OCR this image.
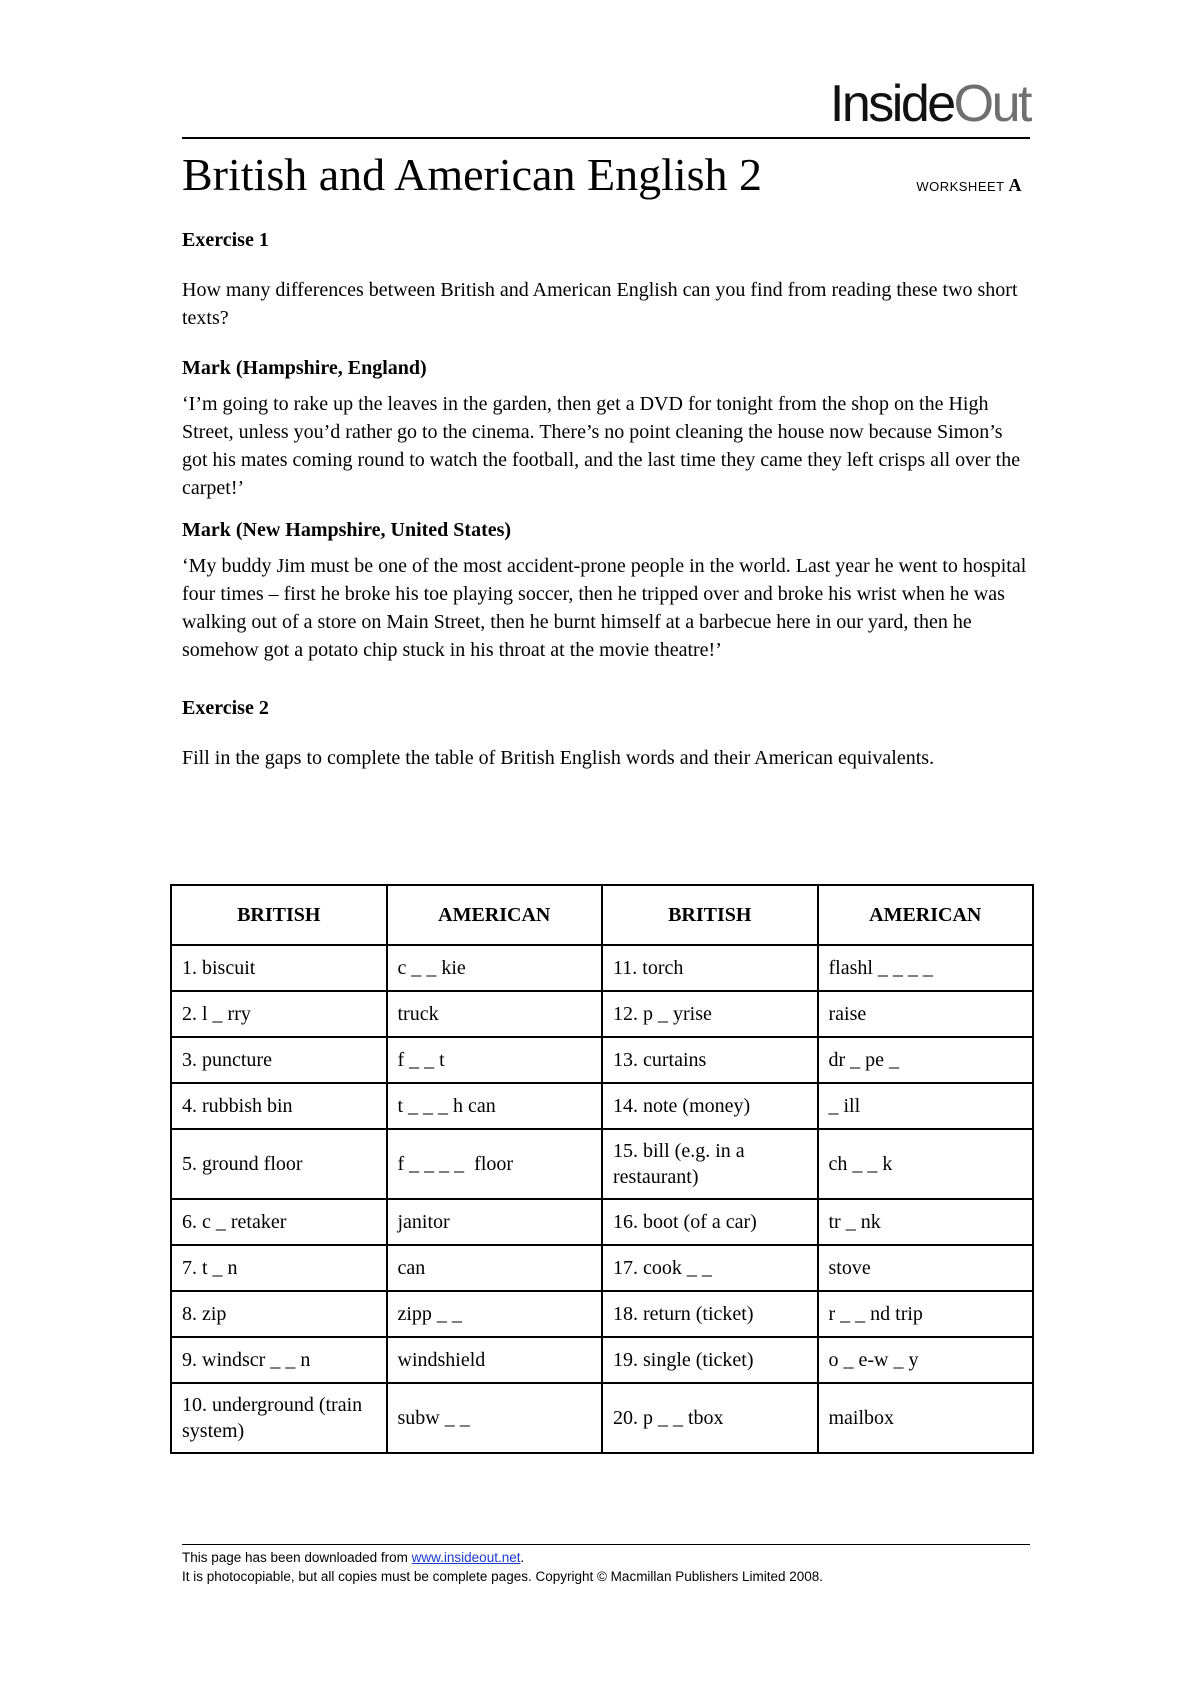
InsideOut
British and American English 2	WORKSHEET A
Exercise 1

How many differences between British and American English can you find from reading these two short texts?

Mark (Hampshire, England)

‘I’m going to rake up the leaves in the garden, then get a DVD for tonight from the shop on the High Street, unless you’d rather go to the cinema. There’s no point cleaning the house now because Simon’s got his mates coming round to watch the football, and the last time they came they left crisps all over the carpet!’

Mark (New Hampshire, United States)

‘My buddy Jim must be one of the most accident-prone people in the world. Last year he went to hospital four times – first he broke his toe playing soccer, then he tripped over and broke his wrist when he was walking out of a store on Main Street, then he burnt himself at a barbecue here in our yard, then he somehow got a potato chip stuck in his throat at the movie theatre!’

Exercise 2

Fill in the gaps to complete the table of British English words and their American equivalents.

BRITISH	AMERICAN	BRITISH	AMERICAN
1. biscuit	c _ _ kie	11. torch	flashl _ _ _ _
2. l _ rry	truck	12. p _ yrise	raise
3. puncture	f _ _ t	13. curtains	dr _ pe _
4. rubbish bin	t _ _ _ h can	14. note (money)	_ ill
5. ground floor	f _ _ _ _  floor	15. bill (e.g. in a restaurant)	ch _ _ k
6. c _ retaker	janitor	16. boot (of a car)	tr _ nk
7. t _ n	can	17. cook _ _	stove
8. zip	zipp _ _	18. return (ticket)	r _ _ nd trip
9. windscr _ _ n	windshield	19. single (ticket)	o _ e-w _ y
10. underground (train system)	subw _ _	20. p _ _ tbox	mailbox
This page has been downloaded from www.insideout.net.
It is photocopiable, but all copies must be complete pages. Copyright © Macmillan Publishers Limited 2008.
